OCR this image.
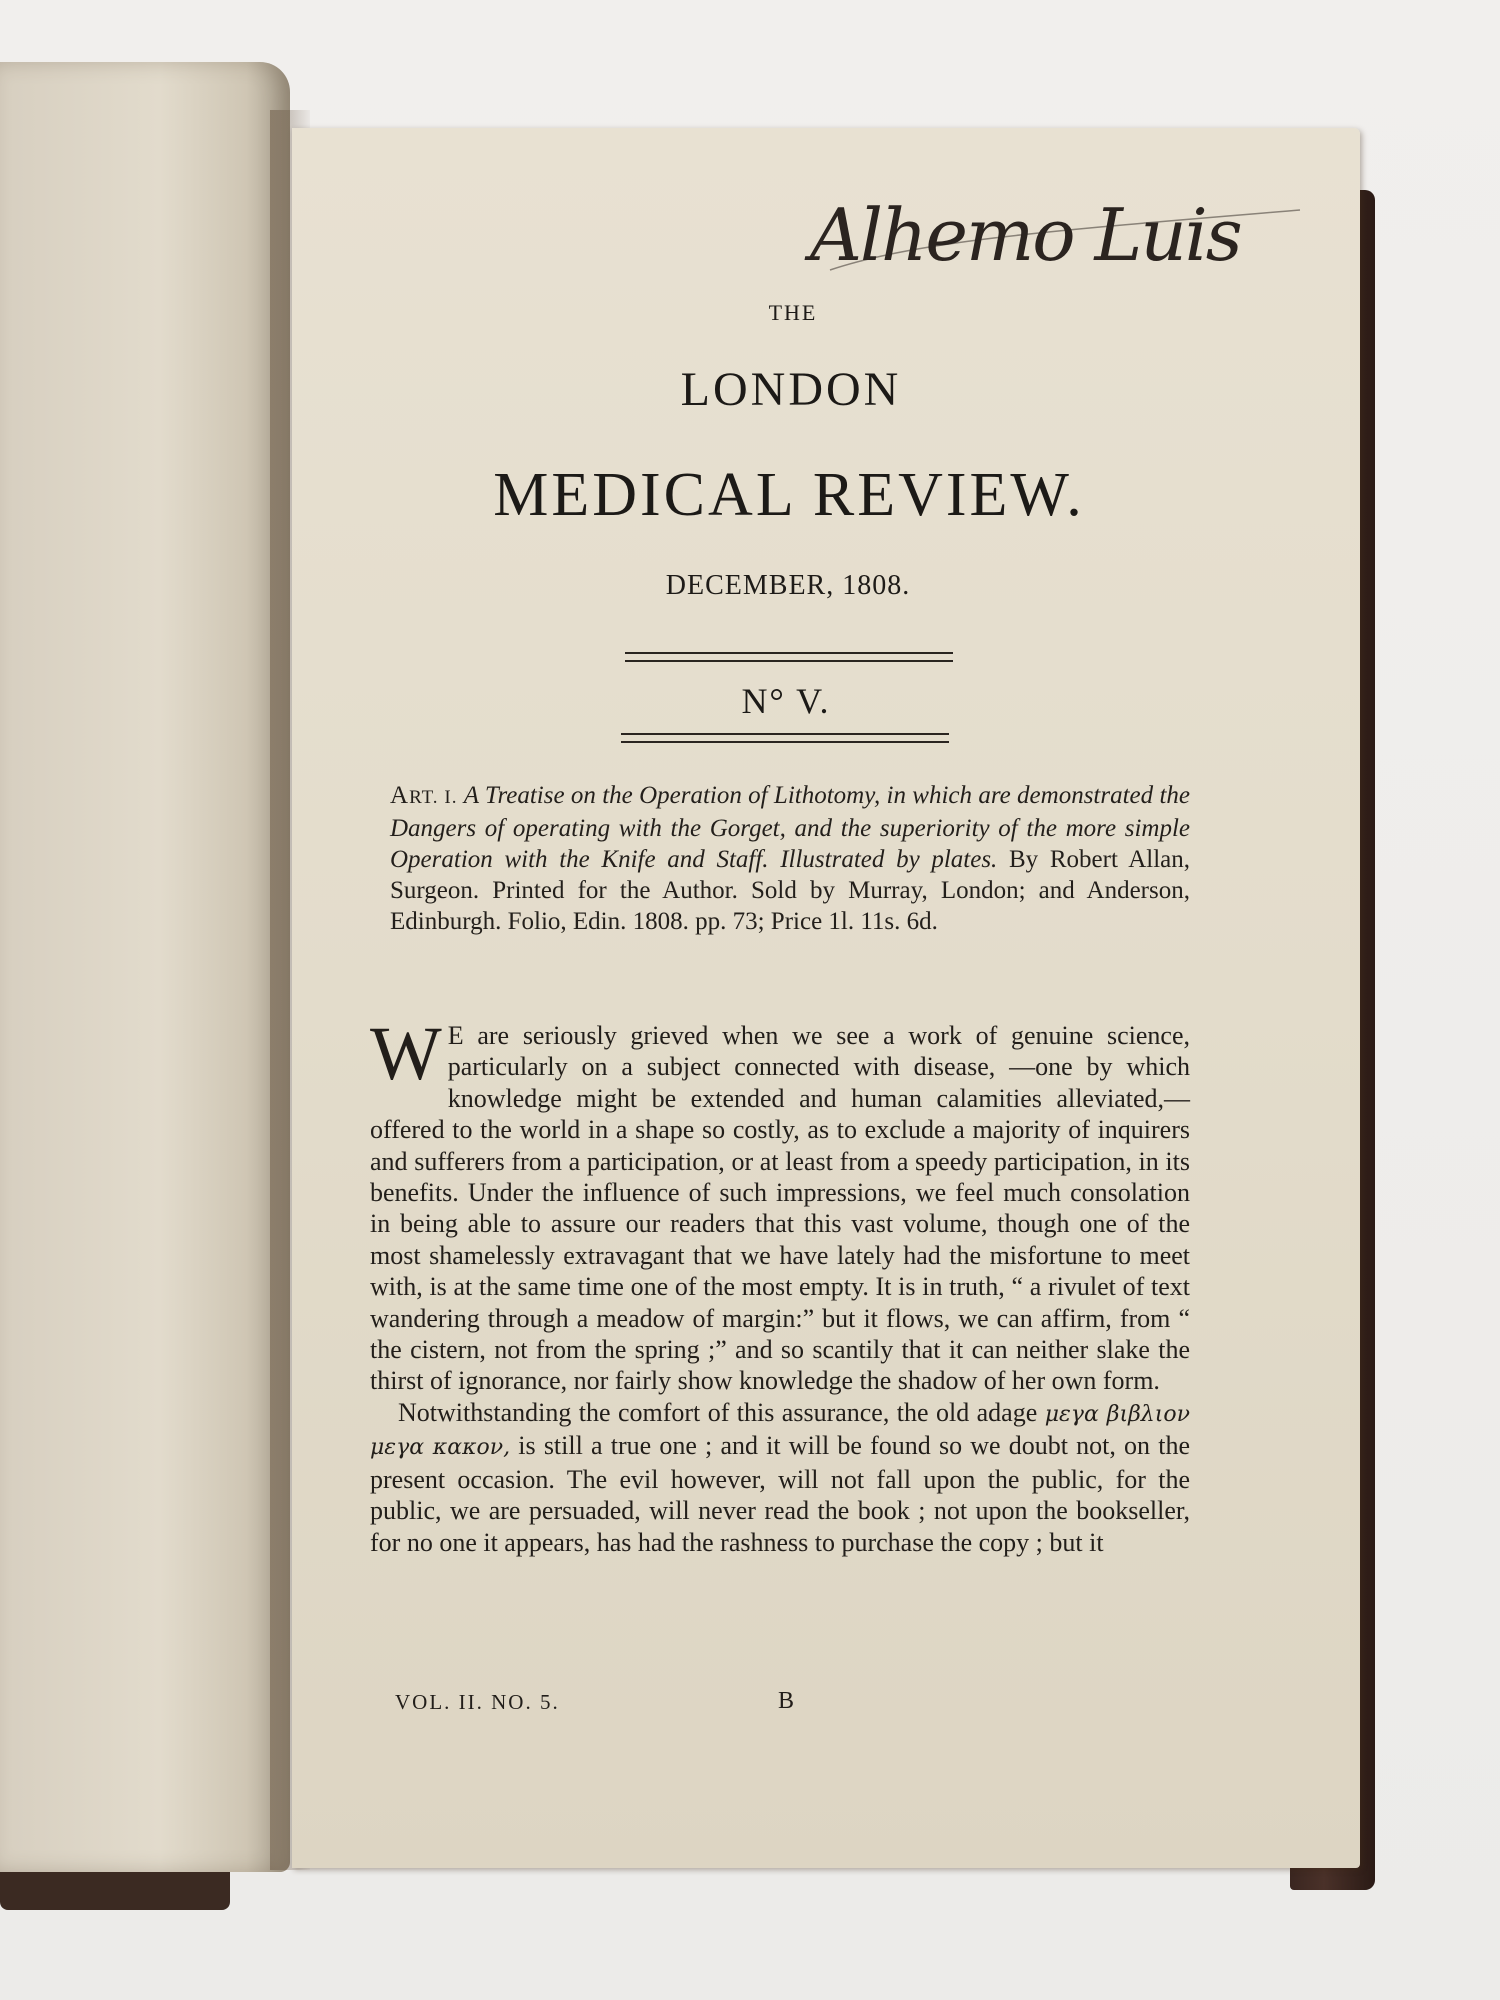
Alhemo Luis
THE
LONDON
MEDICAL REVIEW.
DECEMBER, 1808.
N° V.
ART. I. A Treatise on the Operation of Lithotomy, in which are demonstrated the Dangers of operating with the Gorget, and the superiority of the more simple Operation with the Knife and Staff. Illustrated by plates. By Robert Allan, Surgeon. Printed for the Author. Sold by Murray, London; and Anderson, Edinburgh. Folio, Edin. 1808. pp. 73; Price 1l. 11s. 6d.

W E are seriously grieved when we see a work of genuine science, particularly on a subject connected with disease, —one by which knowledge might be extended and human calamities alleviated,—offered to the world in a shape so costly, as to exclude a majority of inquirers and sufferers from a participation, or at least from a speedy participation, in its benefits. Under the influence of such impressions, we feel much consolation in being able to assure our readers that this vast volume, though one of the most shamelessly extravagant that we have lately had the misfortune to meet with, is at the same time one of the most empty. It is in truth, “ a rivulet of text wandering through a meadow of margin:” but it flows, we can affirm, from “ the cistern, not from the spring ;” and so scantily that it can neither slake the thirst of ignorance, nor fairly show knowledge the shadow of her own form.

Notwithstanding the comfort of this assurance, the old adage μεγα βιβλιον μεγα κακον, is still a true one ; and it will be found so we doubt not, on the present occasion. The evil however, will not fall upon the public, for the public, we are persuaded, will never read the book ; not upon the bookseller, for no one it appears, has had the rashness to purchase the copy ; but it

VOL. II. NO. 5.	B
